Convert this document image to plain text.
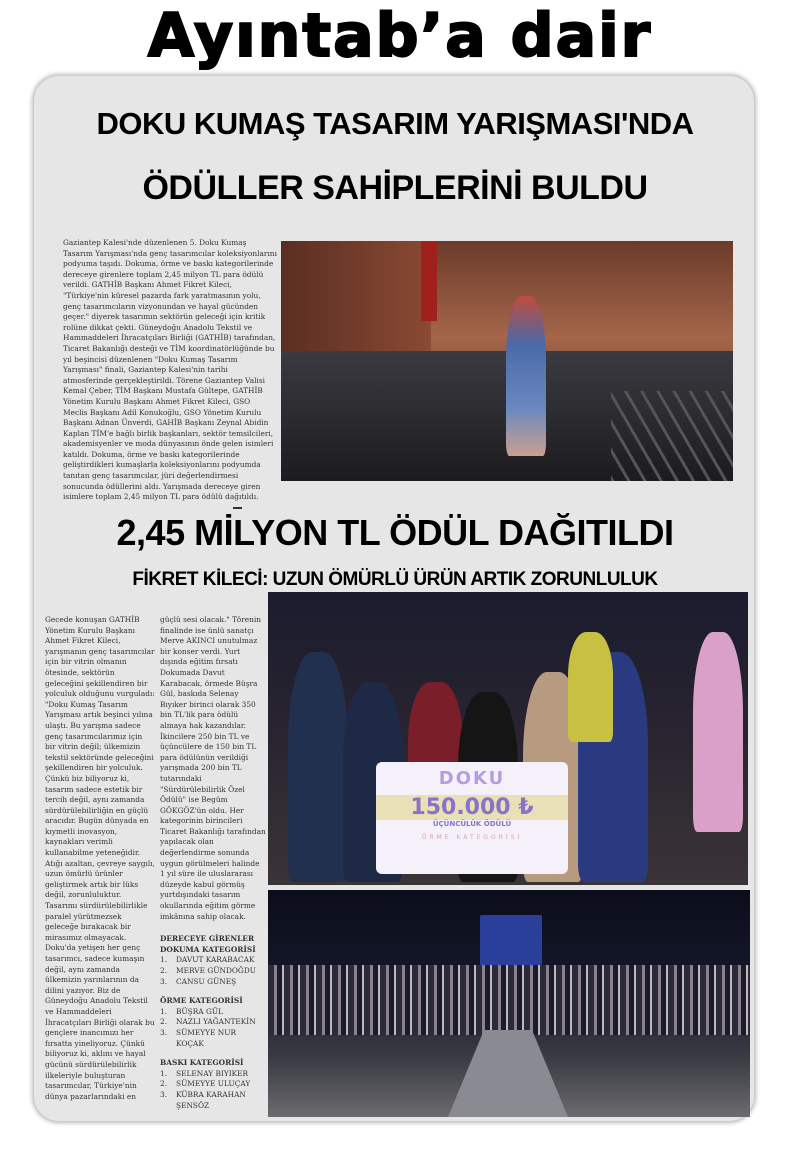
Ayıntab’a dair
DOKU KUMAŞ TASARIM YARIŞMASI'NDA
ÖDÜLLER SAHİPLERİNİ BULDU
Gaziantep Kalesi'nde düzenlenen 5. Doku Kumaş Tasarım Yarışması'nda genç tasarımcılar koleksiyonlarını podyuma taşıdı. Dokuma, örme ve baskı kategorilerinde dereceye girenlere toplam 2,45 milyon TL para ödülü verildi. GATHİB Başkanı Ahmet Fikret Kileci, "Türkiye'nin küresel pazarda fark yaratmasının yolu, genç tasarımcıların vizyonundan ve hayal gücünden geçer." diyerek tasarımın sektörün geleceği için kritik rolüne dikkat çekti. Güneydoğu Anadolu Tekstil ve Hammaddeleri İhracatçıları Birliği (GATHİB) tarafından, Ticaret Bakanlığı desteği ve TİM koordinatörlüğünde bu yıl beşincisi düzenlenen "Doku Kumaş Tasarım Yarışması" finali, Gaziantep Kalesi'nin tarihi atmosferinde gerçekleştirildi. Törene Gaziantep Valisi Kemal Çeber, TİM Başkanı Mustafa Gültepe, GATHİB Yönetim Kurulu Başkanı Ahmet Fikret Kileci, GSO Meclis Başkanı Adil Konukoğlu, GSO Yönetim Kurulu Başkanı Adnan Ünverdi, GAHİB Başkanı Zeynal Abidin Kaplan TİM'e bağlı birlik başkanları, sektör temsilcileri, akademisyenler ve moda dünyasının önde gelen isimleri katıldı. Dokuma, örme ve baskı kategorilerinde geliştirdikleri kumaşlarla koleksiyonlarını podyumda tanıtan genç tasarımcılar, jüri değerlendirmesi sonucunda ödüllerini aldı. Yarışmada dereceye giren isimlere toplam 2,45 milyon TL para ödülü dağıtıldı.
2,45 MİLYON TL ÖDÜL DAĞITILDI
FİKRET KİLECİ: UZUN ÖMÜRLÜ ÜRÜN ARTIK ZORUNLULUK
Gecede konuşan GATHİB Yönetim Kurulu Başkanı Ahmet Fikret Kileci, yarışmanın genç tasarımcılar için bir vitrin olmanın ötesinde, sektörün geleceğini şekillendiren bir yolculuk olduğunu vurguladı: "Doku Kumaş Tasarım Yarışması artık beşinci yılına ulaştı. Bu yarışma sadece genç tasarımcılarımız için bir vitrin değil; ülkemizin tekstil sektöründe geleceğini şekillendiren bir yolculuk. Çünkü biz biliyoruz ki, tasarım sadece estetik bir tercih değil, aynı zamanda sürdürülebilirliğin en güçlü aracıdır. Bugün dünyada en kıymetli inovasyon, kaynakları verimli kullanabilme yeteneğidir. Atığı azaltan, çevreye saygılı, uzun ömürlü ürünler geliştirmek artık bir lüks değil, zorunluluktur. Tasarımı sürdürülebilirlikle paralel yürütmezsek geleceğe bırakacak bir mirasımız olmayacak. Doku'da yetişen her genç tasarımcı, sadece kumaşın değil, aynı zamanda ülkemizin yarınlarının da dilini yazıyor. Biz de Güneydoğu Anadolu Tekstil ve Hammaddeleri İhracatçıları Birliği olarak bu gençlere inancımızı her fırsatta yineliyoruz. Çünkü biliyoruz ki, aklını ve hayal gücünü sürdürülebilirlik ilkeleriyle buluşturan tasarımcılar, Türkiye'nin dünya pazarlarındaki en
güçlü sesi olacak." Törenin finalinde ise ünlü sanatçı Merve AKINCI unutulmaz bir konser verdi. Yurt dışında eğitim fırsatı Dokumada Davut Karabacak, örmede Büşra Gül, baskıda Selenay Bıyıker birinci olarak 350 bin TL'lik para ödülü almaya hak kazandılar. İkincilere 250 bin TL ve üçüncülere de 150 bin TL para ödülünün verildiği yarışmada 200 bin TL tutarındaki "Sürdürülebilirlik Özel Ödülü" ise Begüm GÖKGÖZ'ün oldu. Her kategorinin birincileri Ticaret Bakanlığı tarafından yapılacak olan değerlendirme sonunda uygun görülmeleri halinde 1 yıl süre ile uluslararası düzeyde kabul görmüş yurtdışındaki tasarım okullarında eğitim görme imkânına sahip olacak.
DERECEYE GİRENLER
DOKUMA KATEGORİSİ
1.	DAVUT KARABACAK
2.	MERVE GÜNDOĞDU
3.	CANSU GÜNEŞ
ÖRME KATEGORİSİ
1.	BÜŞRA GÜL
2.	NAZLI YAĞANTEKİN
3.	SÜMEYYE NUR KOÇAK
BASKI KATEGORİSİ
1.	SELENAY BIYIKER
2.	SÜMEYYE ULUÇAY
3.	KÜBRA KARAHAN ŞENSÖZ
DOKU
150.000 ₺
ÜÇÜNCÜLÜK ÖDÜLÜ
ÖRME KATEGORİSİ
